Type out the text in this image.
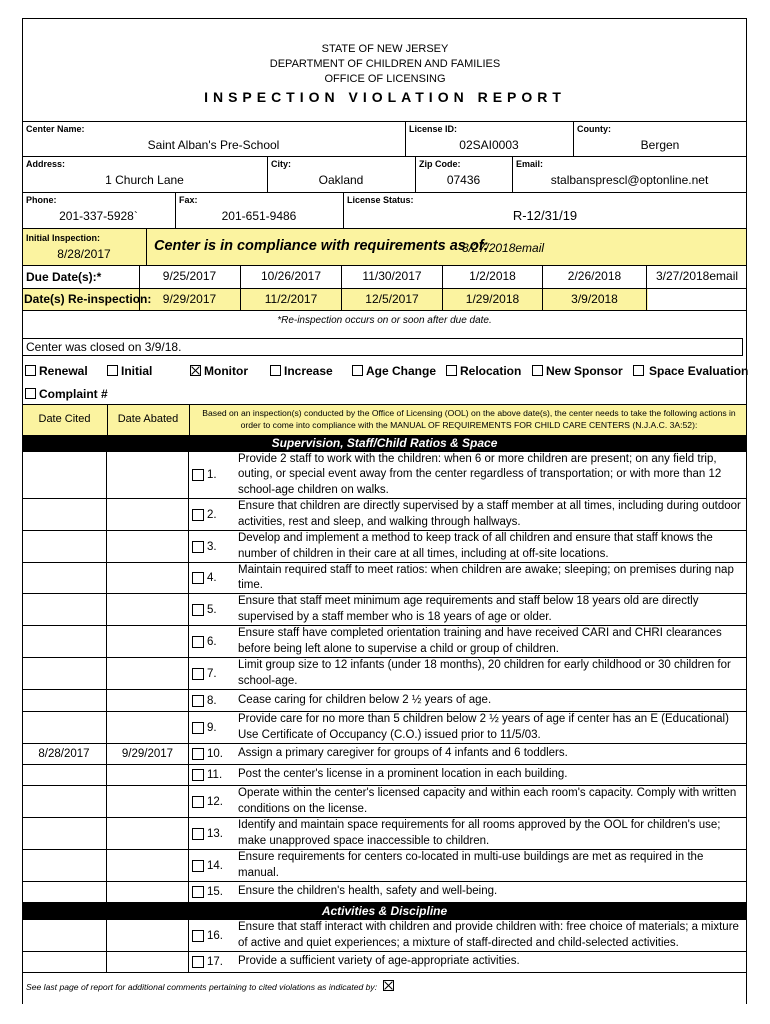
STATE OF NEW JERSEY
DEPARTMENT OF CHILDREN AND FAMILIES
OFFICE OF LICENSING
INSPECTION VIOLATION REPORT
Center Name:
Saint Alban's Pre-School
License ID:
02SAI0003
County:
Bergen
Address:
1 Church Lane
City:
Oakland
Zip Code:
07436
Email:
stalbansprescl@optonline.net
Phone:
201-337-5928`
Fax:
201-651-9486
License Status:
R-12/31/19
Initial Inspection:
8/28/2017	Center is in compliance with requirements as of:
3/27/2018email
Due Date(s):*	9/25/2017	10/26/2017	11/30/2017	1/2/2018	2/26/2018	3/27/2018email
Date(s) Re-inspection: 9/29/2017	11/2/2017	12/5/2017	1/29/2018	3/9/2018
*Re-inspection occurs on or soon after due date.
Center was closed on 3/9/18.
Renewal	Initial	Monitor	Increase	Age Change	Relocation	New Sponsor	Space Evaluation
Complaint #
Date Cited	Date Abated	Based on an inspection(s) conducted by the Office of Licensing (OOL) on the above date(s), the center needs to take the following actions in order to come into compliance with the MANUAL OF REQUIREMENTS FOR CHILD CARE CENTERS (N.J.A.C. 3A:52):
Supervision, Staff/Child Ratios & Space
1.
Provide 2 staff to work with the children: when 6 or more children are present; on any field trip, outing, or special event away from the center regardless of transportation; or with more than 12 school-age children on walks.
2.
Ensure that children are directly supervised by a staff member at all times, including during outdoor activities, rest and sleep, and walking through hallways.
3.
Develop and implement a method to keep track of all children and ensure that staff knows the number of children in their care at all times, including at off-site locations.
4.
Maintain required staff to meet ratios: when children are awake; sleeping; on premises during nap time.
5.
Ensure that staff meet minimum age requirements and staff below 18 years old are directly supervised by a staff member who is 18 years of age or older.
6.
Ensure staff have completed orientation training and have received CARI and CHRI clearances before being left alone to supervise a child or group of children.
7.
Limit group size to 12 infants (under 18 months), 20 children for early childhood or 30 children for school-age.
8. Cease caring for children below 2 ½ years of age.
9.
Provide care for no more than 5 children below 2 ½ years of age if center has an E (Educational) Use Certificate of Occupancy (C.O.) issued prior to 11/5/03.
8/28/2017	9/29/2017	10. Assign a primary caregiver for groups of 4 infants and 6 toddlers.
11. Post the center's license in a prominent location in each building.
12.
Operate within the center's licensed capacity and within each room's capacity. Comply with written conditions on the license.
13.
Identify and maintain space requirements for all rooms approved by the OOL for children's use; make unapproved space inaccessible to children.
14.
Ensure requirements for centers co-located in multi-use buildings are met as required in the manual.
15. Ensure the children's health, safety and well-being.
Activities & Discipline
16.
Ensure that staff interact with children and provide children with: free choice of materials; a mixture of active and quiet experiences; a mixture of staff-directed and child-selected activities.
17. Provide a sufficient variety of age-appropriate activities.
See last page of report for additional comments pertaining to cited violations as indicated by:
